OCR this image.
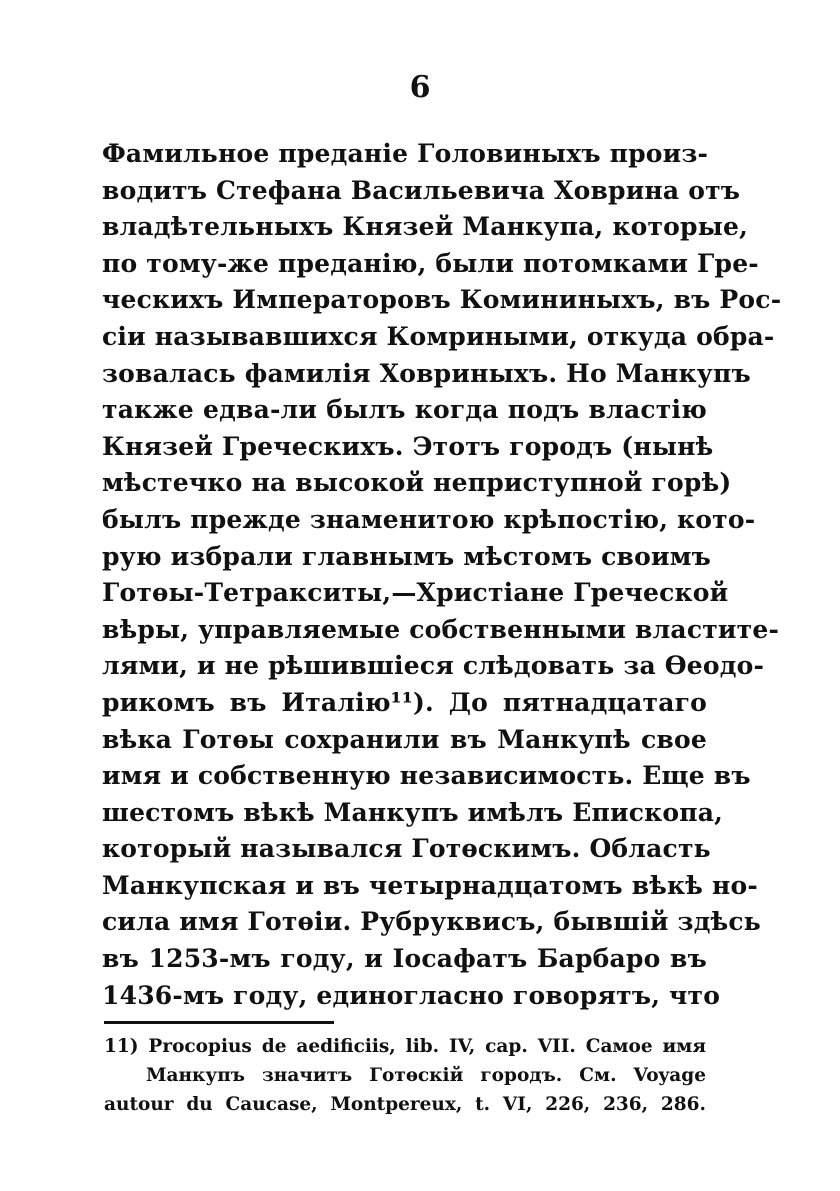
6
Фамильное преданіе Головиныхъ произ-
водитъ Стефана Васильевича Ховрина отъ
владѣтельныхъ Князей Манкупа, которые,
по тому-же преданію, были потомками Гре-
ческихъ Императоровъ Комининыхъ, въ Рос-
сіи называвшихся Комриными, откуда обра-
зовалась фамилія Ховриныхъ. Но Манкупъ
также едва-ли былъ когда подъ властію
Князей Греческихъ. Этотъ городъ (нынѣ
мѣстечко на высокой неприступной горѣ)
былъ прежде знаменитою крѣпостію, кото-
рую избрали главнымъ мѣстомъ своимъ
Готѳы-Тетракситы,—Христіане Греческой
вѣры, управляемые собственными властите-
лями, и не рѣшившіеся слѣдовать за Ѳеодо-
рикомъ въ Италію¹¹). До пятнадцатаго
вѣка Готѳы сохранили въ Манкупѣ свое
имя и собственную независимость. Еще въ
шестомъ вѣкѣ Манкупъ имѣлъ Епископа,
который назывался Готѳскимъ. Область
Манкупская и въ четырнадцатомъ вѣкѣ но-
сила имя Готѳіи. Рубруквисъ, бывшій здѣсь
въ 1253-мъ году, и Іосафатъ Барбаро въ
1436-мъ году, единогласно говорятъ, что
11) Procopius de aedificiis, lib. IV, cap. VII. Самое имя
Манкупъ значитъ Готѳскій городъ. См. Voyage
autour du Caucase, Montpereux, t. VI, 226, 236, 286.
